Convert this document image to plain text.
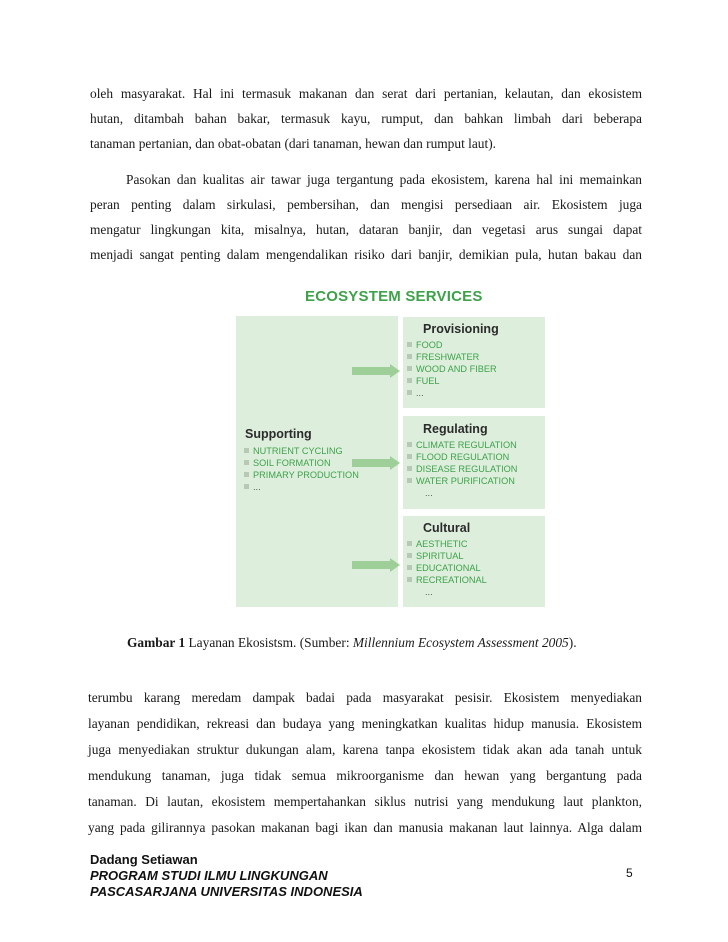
oleh masyarakat. Hal ini termasuk makanan dan serat dari pertanian, kelautan, dan ekosistem
hutan, ditambah bahan bakar, termasuk kayu, rumput, dan bahkan limbah dari beberapa
tanaman pertanian, dan obat-obatan (dari tanaman, hewan dan rumput laut).
Pasokan dan kualitas air tawar juga tergantung pada ekosistem, karena hal ini memainkan
peran penting dalam sirkulasi, pembersihan, dan mengisi persediaan air. Ekosistem juga
mengatur lingkungan kita, misalnya, hutan, dataran banjir, dan vegetasi arus sungai dapat
menjadi sangat penting dalam mengendalikan risiko dari banjir, demikian pula, hutan bakau dan
ECOSYSTEM SERVICES
Supporting
NUTRIENT CYCLING
SOIL FORMATION
PRIMARY PRODUCTION
...
Provisioning
FOOD
FRESHWATER
WOOD AND FIBER
FUEL
...
Regulating
CLIMATE REGULATION
FLOOD REGULATION
DISEASE REGULATION
WATER PURIFICATION
...
Cultural
AESTHETIC
SPIRITUAL
EDUCATIONAL
RECREATIONAL
...
Gambar 1 Layanan Ekosistsm. (Sumber: Millennium Ecosystem Assessment 2005).
terumbu karang meredam dampak badai pada masyarakat pesisir. Ekosistem menyediakan
layanan pendidikan, rekreasi dan budaya yang meningkatkan kualitas hidup manusia. Ekosistem
juga menyediakan struktur dukungan alam, karena tanpa ekosistem tidak akan ada tanah untuk
mendukung tanaman, juga tidak semua mikroorganisme dan hewan yang bergantung pada
tanaman. Di lautan, ekosistem mempertahankan siklus nutrisi yang mendukung laut plankton,
yang pada gilirannya pasokan makanan bagi ikan dan manusia makanan laut lainnya. Alga dalam
Dadang Setiawan
PROGRAM STUDI ILMU LINGKUNGAN
PASCASARJANA UNIVERSITAS INDONESIA
5
